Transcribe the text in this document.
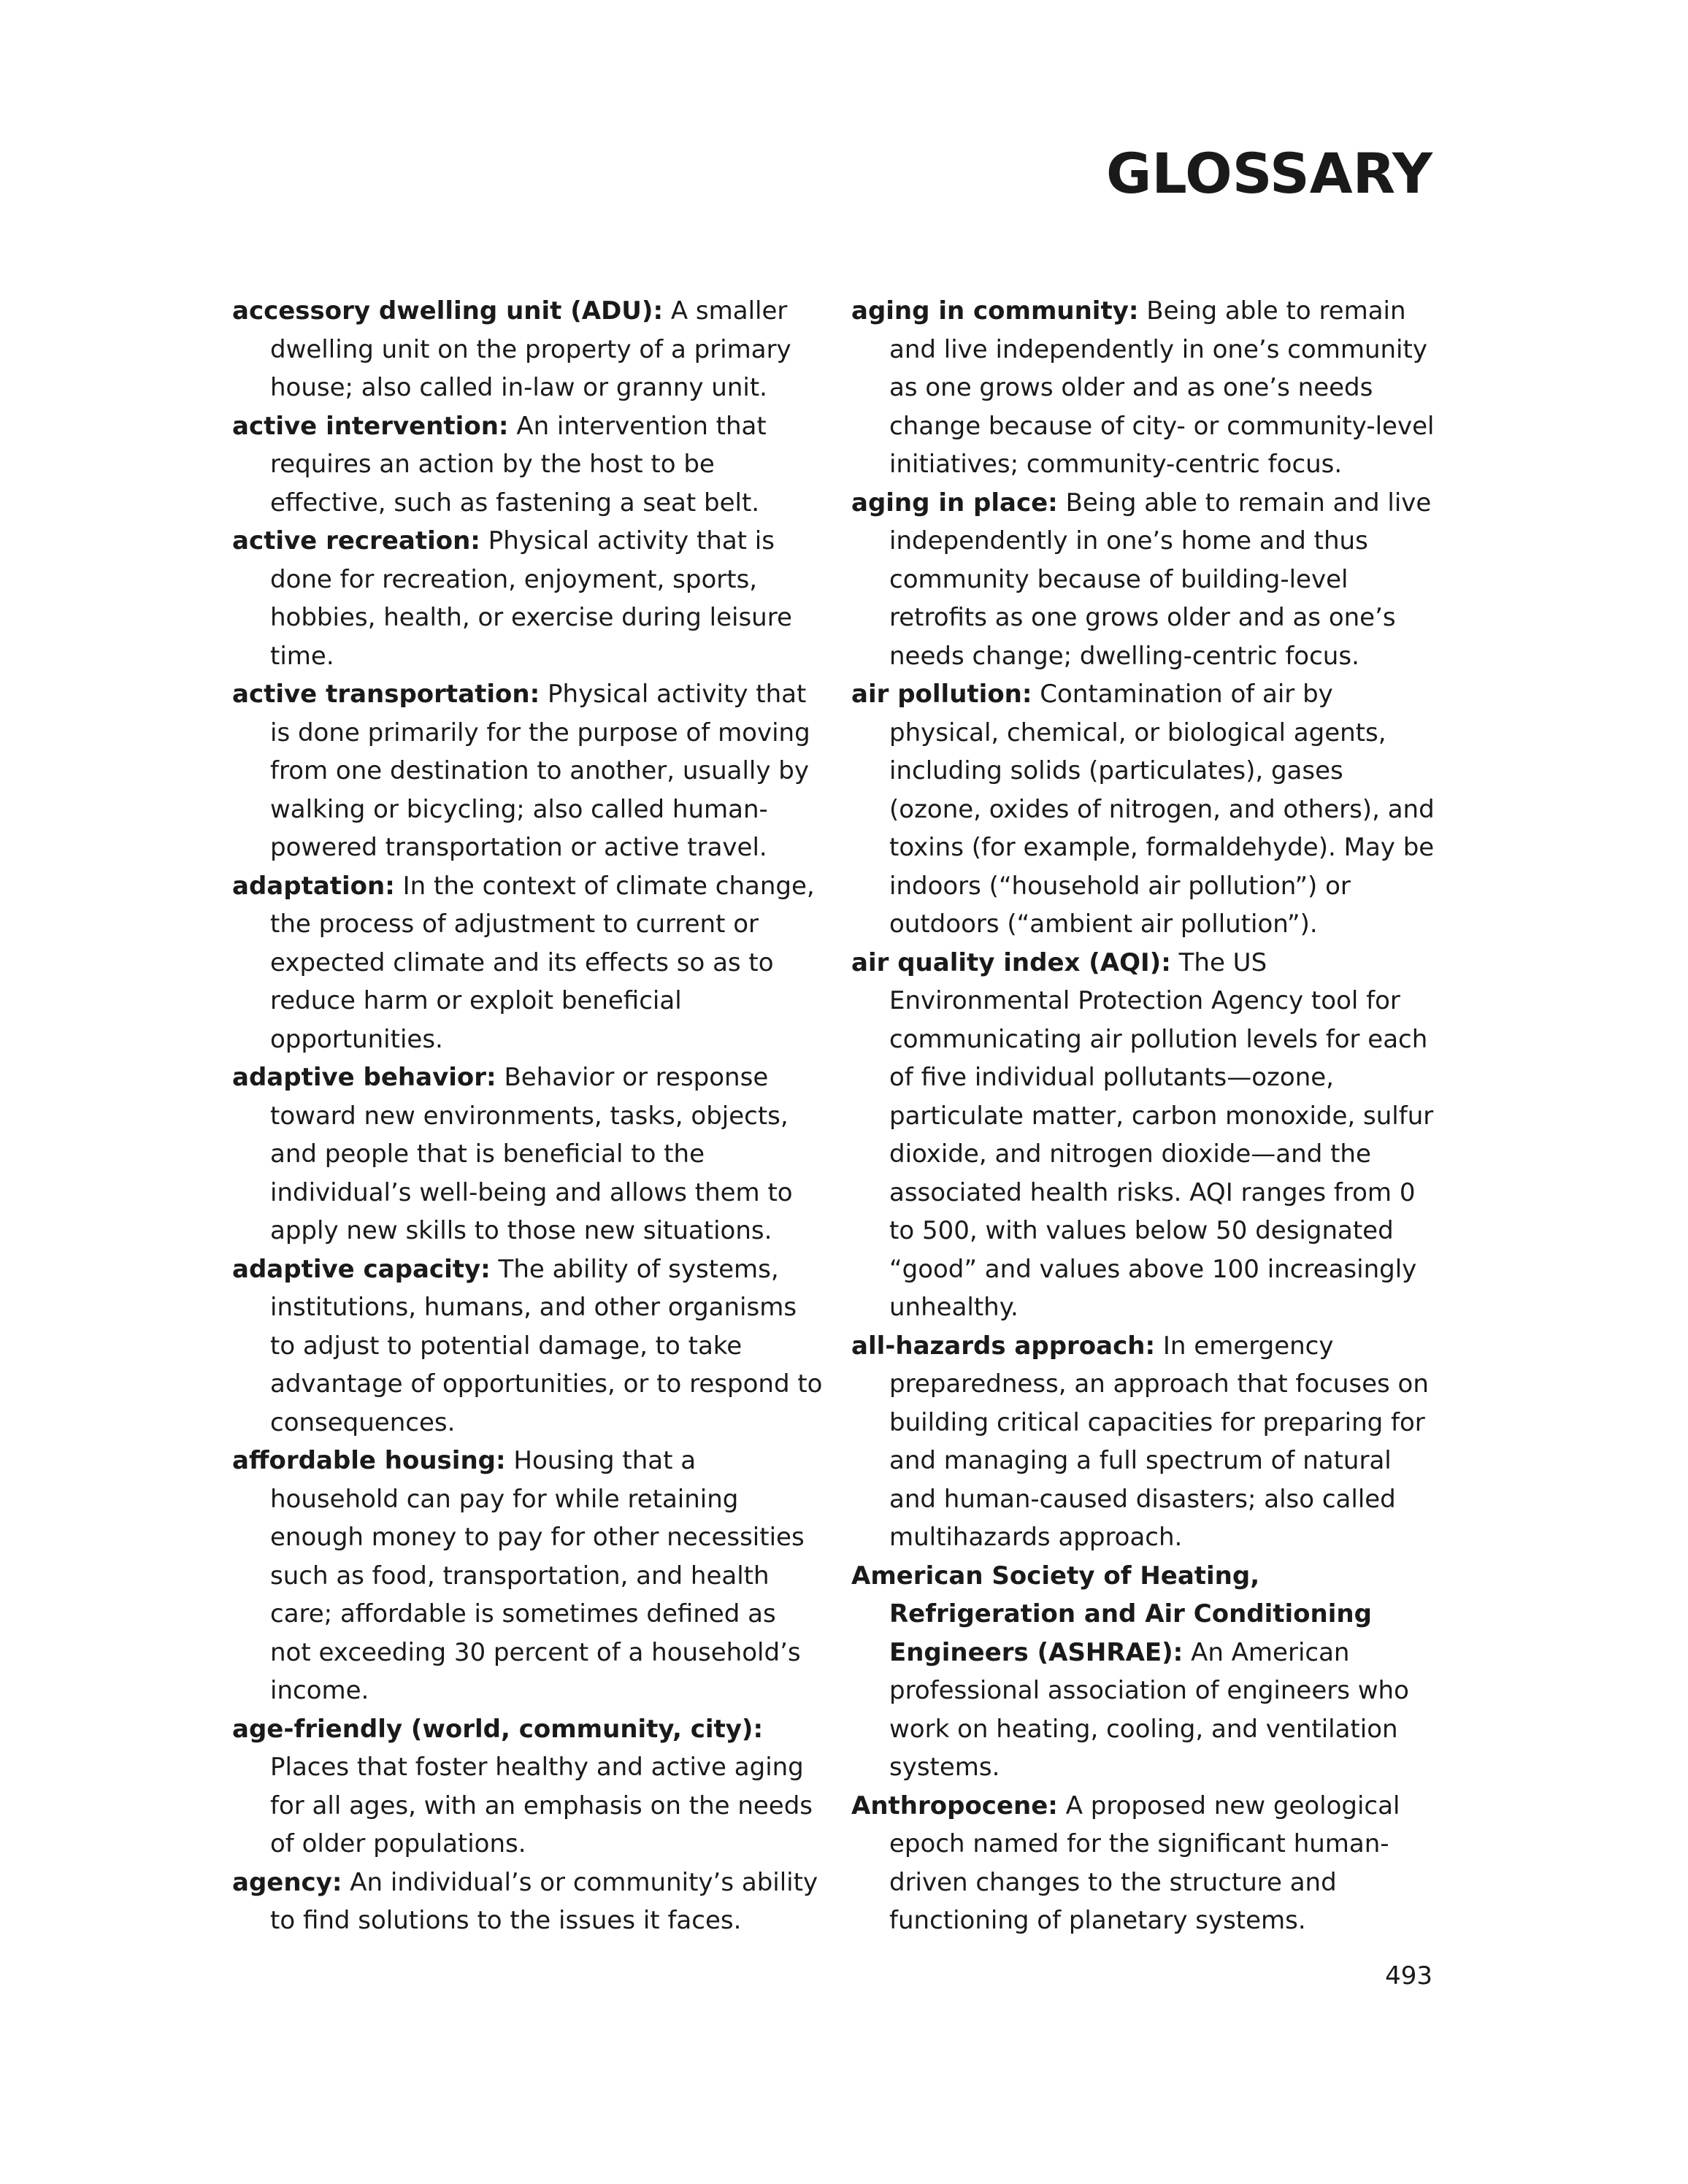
GLOSSARY

accessory dwelling unit (ADU): A smaller dwelling unit on the property of a primary house; also called in-law or granny unit.

active intervention: An intervention that requires an action by the host to be effective, such as fastening a seat belt.

active recreation: Physical activity that is done for recreation, enjoyment, sports, hobbies, health, or exercise during leisure time.

active transportation: Physical activity that is done primarily for the purpose of moving from one destination to another, usually by walking or bicycling; also called human-powered transportation or active travel.

adaptation: In the context of climate change, the process of adjustment to current or expected climate and its effects so as to reduce harm or exploit beneficial opportunities.

adaptive behavior: Behavior or response toward new environments, tasks, objects, and people that is beneficial to the individual’s well-being and allows them to apply new skills to those new situations.

adaptive capacity: The ability of systems, institutions, humans, and other organisms to adjust to potential damage, to take advantage of opportunities, or to respond to consequences.

affordable housing: Housing that a household can pay for while retaining enough money to pay for other necessities such as food, transportation, and health care; affordable is sometimes defined as not exceeding 30 percent of a household’s income.

age-friendly (world, community, city): Places that foster healthy and active aging for all ages, with an emphasis on the needs of older populations.

agency: An individual’s or community’s ability to find solutions to the issues it faces.

aging in community: Being able to remain and live independently in one’s community as one grows older and as one’s needs change because of city- or community-level initiatives; community-centric focus.

aging in place: Being able to remain and live independently in one’s home and thus community because of building-level retrofits as one grows older and as one’s needs change; dwelling-centric focus.

air pollution: Contamination of air by physical, chemical, or biological agents, including solids (particulates), gases (ozone, oxides of nitrogen, and others), and toxins (for example, formaldehyde). May be indoors (“household air pollution”) or outdoors (“ambient air pollution”).

air quality index (AQI): The US Environmental Protection Agency tool for communicating air pollution levels for each of five individual pollutants—ozone, particulate matter, carbon monoxide, sulfur dioxide, and nitrogen dioxide—and the associated health risks. AQI ranges from 0 to 500, with values below 50 designated “good” and values above 100 increasingly unhealthy.

all-hazards approach: In emergency preparedness, an approach that focuses on building critical capacities for preparing for and managing a full spectrum of natural and human-caused disasters; also called multihazards approach.

American Society of Heating, Refrigeration and Air Conditioning Engineers (ASHRAE): An American professional association of engineers who work on heating, cooling, and ventilation systems.

Anthropocene: A proposed new geological epoch named for the significant human-driven changes to the structure and functioning of planetary systems.

493
